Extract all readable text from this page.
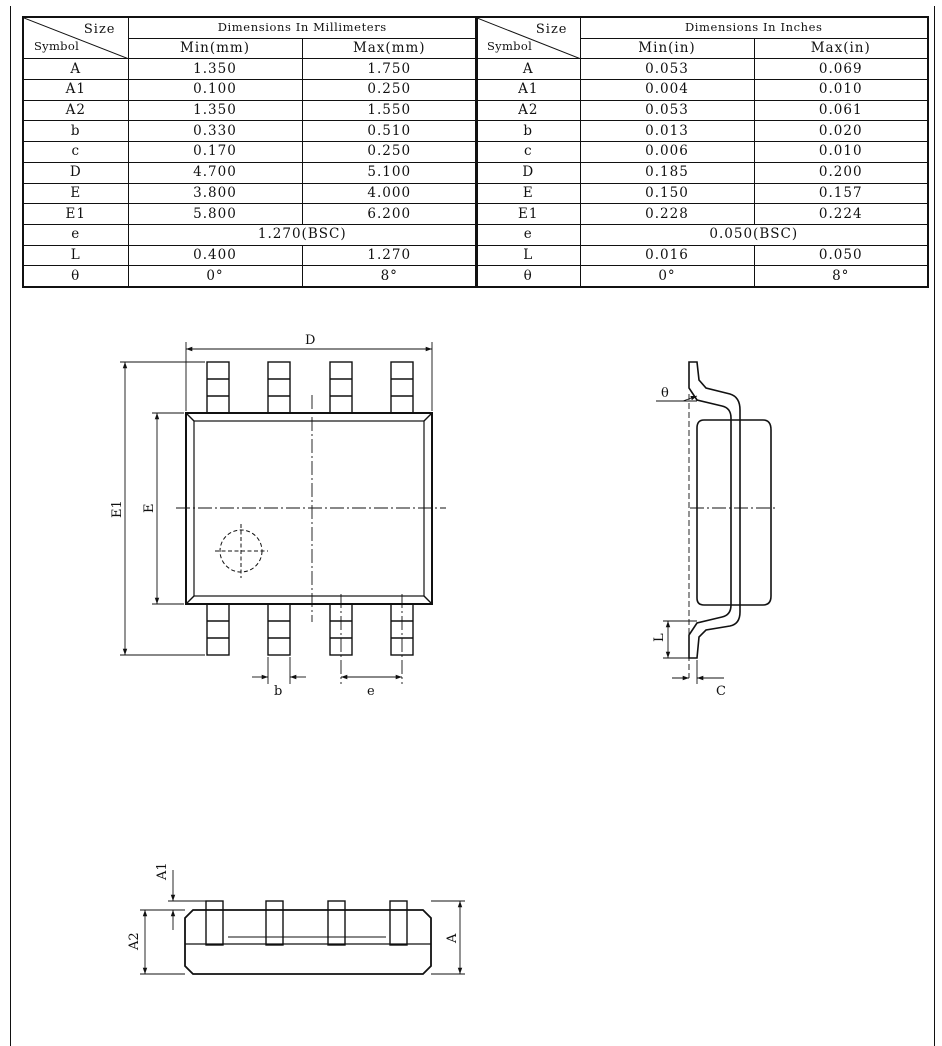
Size
Symbol	Dimensions In Millimeters	
	Min(mm)	Max(mm)
A	1.350	1.750
A1	0.100	0.250
A2	1.350	1.550
b	0.330	0.510
c	0.170	0.250
D	4.700	5.100
E	3.800	4.000
E1	5.800	6.200
e	1.270(BSC)	
L	0.400	1.270
θ	0°	8°
Size
Symbol	Dimensions In Inches	
	Min(in)	Max(in)
A	0.053	0.069
A1	0.004	0.010
A2	0.053	0.061
b	0.013	0.020
c	0.006	0.010
D	0.185	0.200
E	0.150	0.157
E1	0.228	0.224
e	0.050(BSC)	
L	0.016	0.050
θ	0°	8°
D
E1 E
b	e
θ
L
C
A1
A2	A
